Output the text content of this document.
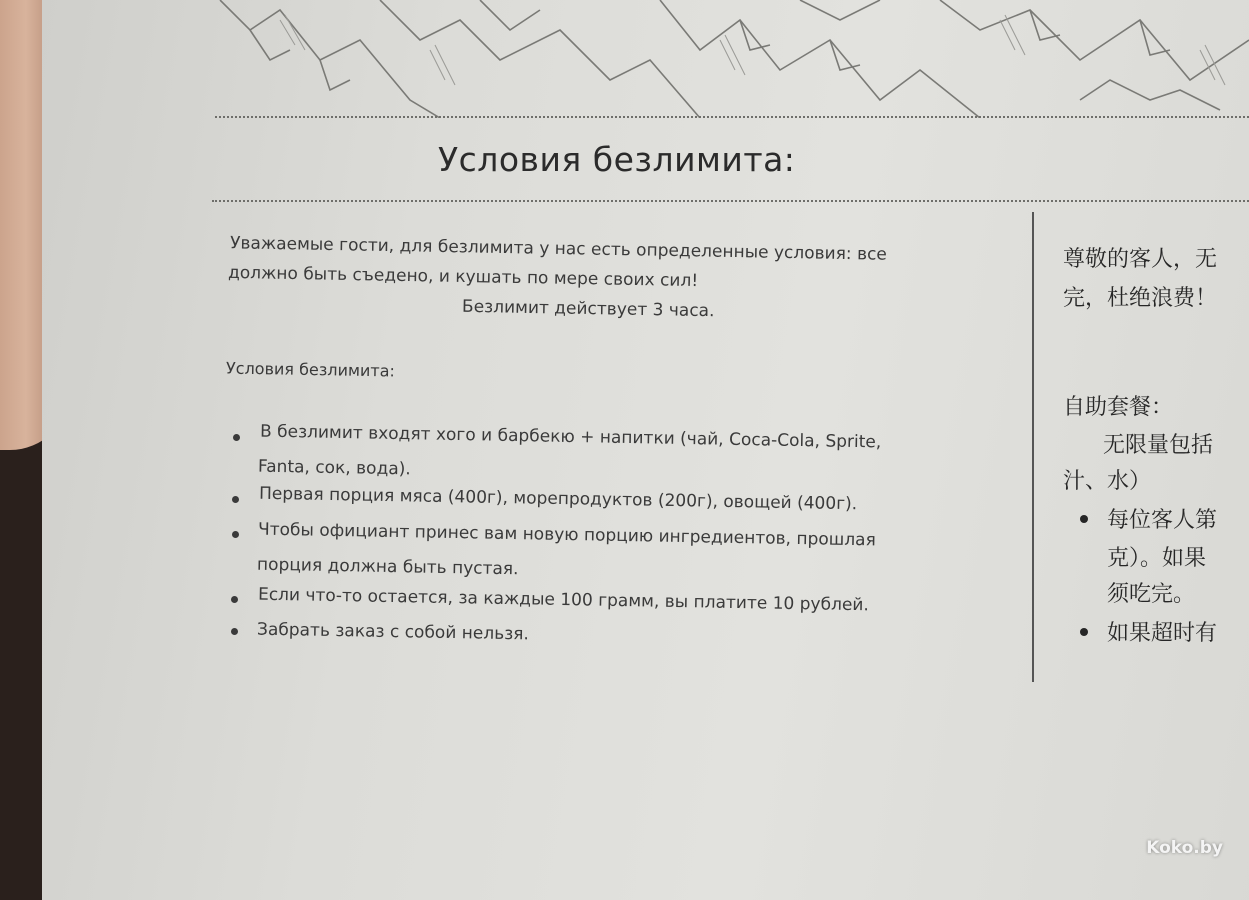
Условия безлимита:
Уважаемые гости, для безлимита у нас есть определенные условия: все
должно быть съедено, и кушать по мере своих сил!
Безлимит действует 3 часа.
Условия безлимита:
В безлимит входят хого и барбекю + напитки (чай, Coca-Cola, Sprite,
Fanta, сок, вода).
Первая порция мяса (400г), морепродуктов (200г), овощей (400г).
Чтобы официант принес вам новую порцию ингредиентов, прошлая
порция должна быть пустая.
Если что-то остается, за каждые 100 грамм, вы платите 10 рублей.
Забрать заказ с собой нельзя.
尊敬的客人，无
完，杜绝浪费！
自助套餐：
无限量包括
汁、水）
每位客人第
克）。如果
须吃完。
如果超时有
Koko.by
